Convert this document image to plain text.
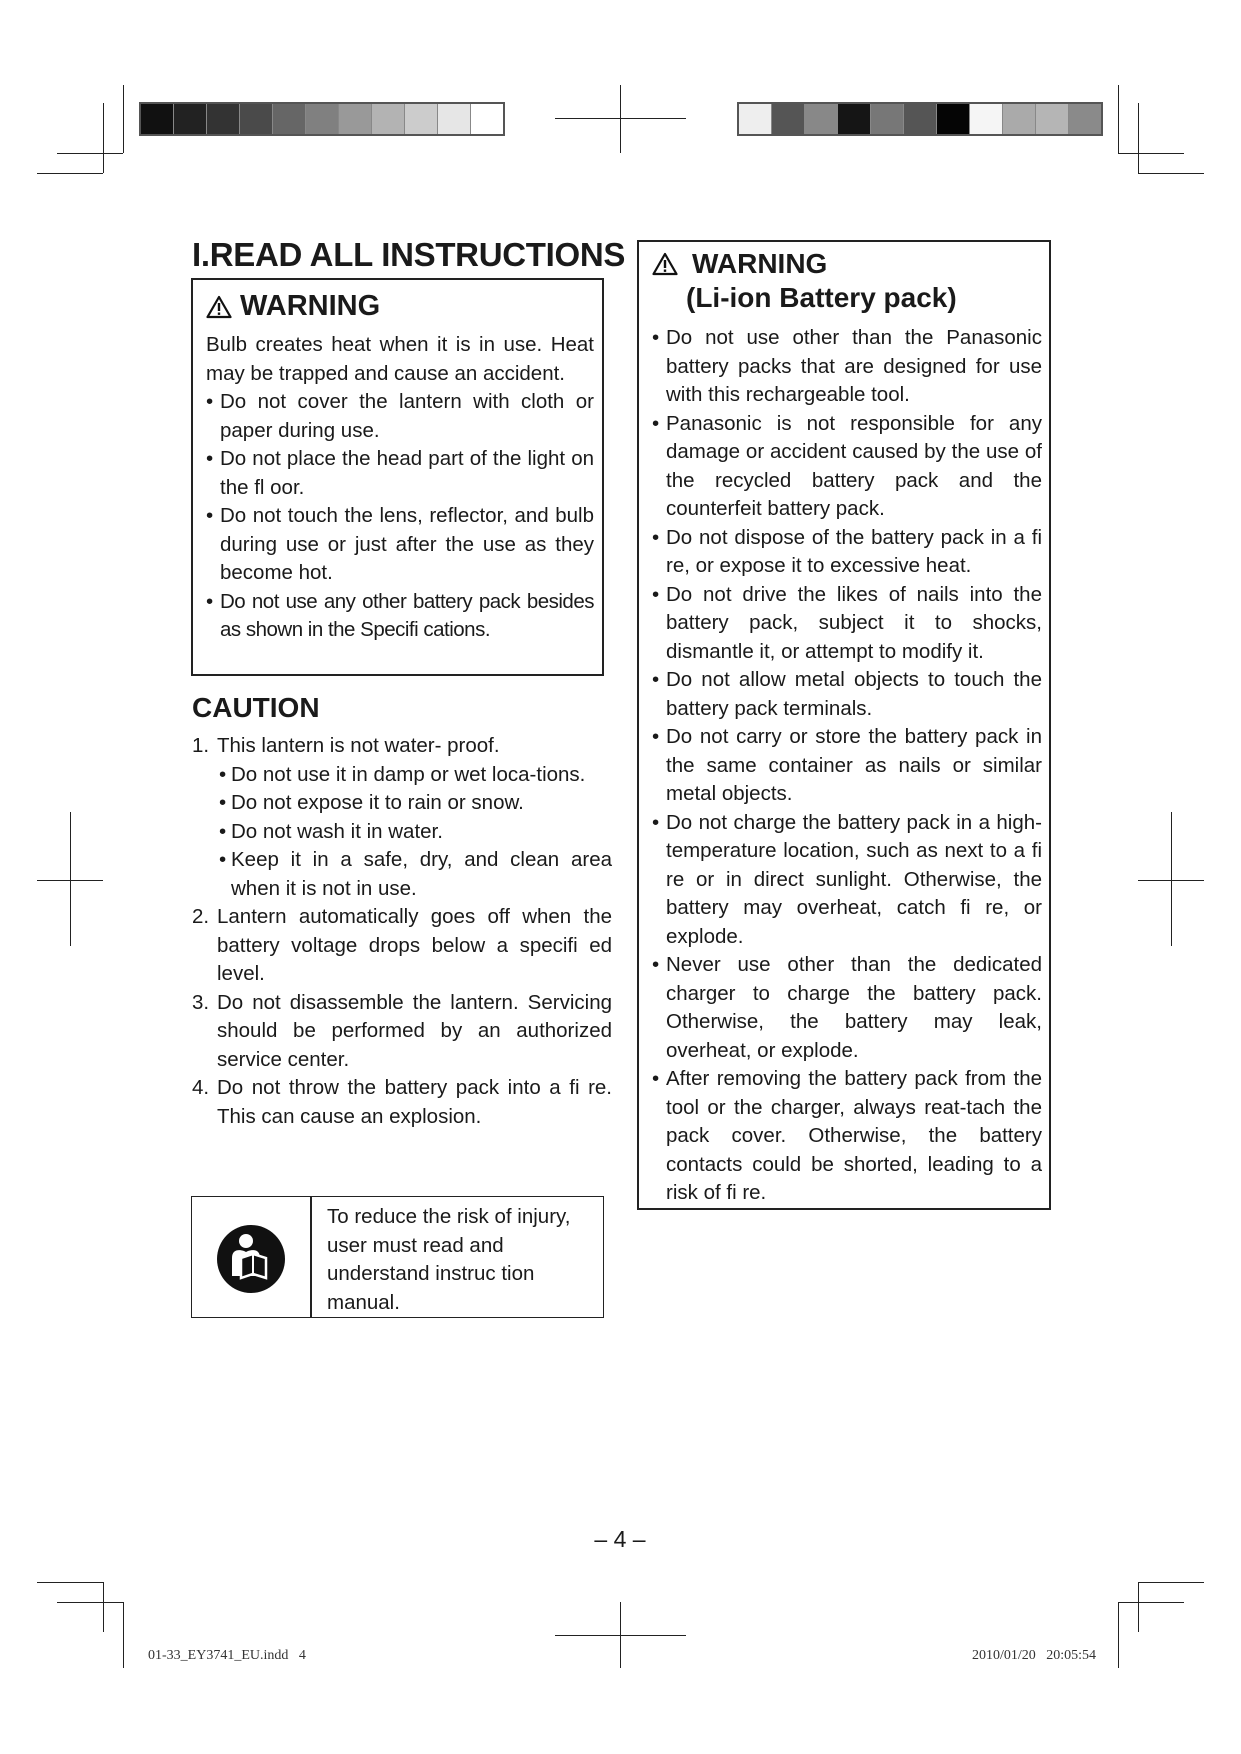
I.READ ALL INSTRUCTIONS
WARNING
Bulb creates heat when it is in use. Heat may be trapped and cause an accident.
• Do not cover the lantern with cloth or paper during use.
• Do not place the head part of the light on the fl oor.
• Do not touch the lens, reflector, and bulb during use or just after the use as they become hot.
• Do not use any other battery pack besides as shown in the Specifi cations.
CAUTION
1. This lantern is not water- proof.
• Do not use it in damp or wet loca-tions.
• Do not expose it to rain or snow.
• Do not wash it in water.
• Keep it in a safe, dry, and clean area when it is not in use.
2. Lantern automatically goes off when the battery voltage drops below a specifi ed level.
3. Do not disassemble the lantern. Servicing should be performed by an authorized service center.
4. Do not throw the battery pack into a fi re. This can cause an explosion.
To reduce the risk of injury, user must read and understand instruc tion manual.
WARNING
(Li-ion Battery pack)
• Do not use other than the Panasonic battery packs that are designed for use with this rechargeable tool.
• Panasonic is not responsible for any damage or accident caused by the use of the recycled battery pack and the counterfeit battery pack.
• Do not dispose of the battery pack in a fi re, or expose it to excessive heat.
• Do not drive the likes of nails into the battery pack, subject it to shocks, dismantle it, or attempt to modify it.
• Do not allow metal objects to touch the battery pack terminals.
• Do not carry or store the battery pack in the same container as nails or similar metal objects.
• Do not charge the battery pack in a high-temperature location, such as next to a fi re or in direct sunlight. Otherwise, the battery may overheat, catch fi re, or explode.
• Never use other than the dedicated charger to charge the battery pack. Otherwise, the battery may leak, overheat, or explode.
• After removing the battery pack from the tool or the charger, always reat-tach the pack cover. Otherwise, the battery contacts could be shorted, leading to a risk of fi re.
– 4 –
01-33_EY3741_EU.indd   4	2010/01/20   20:05:54
